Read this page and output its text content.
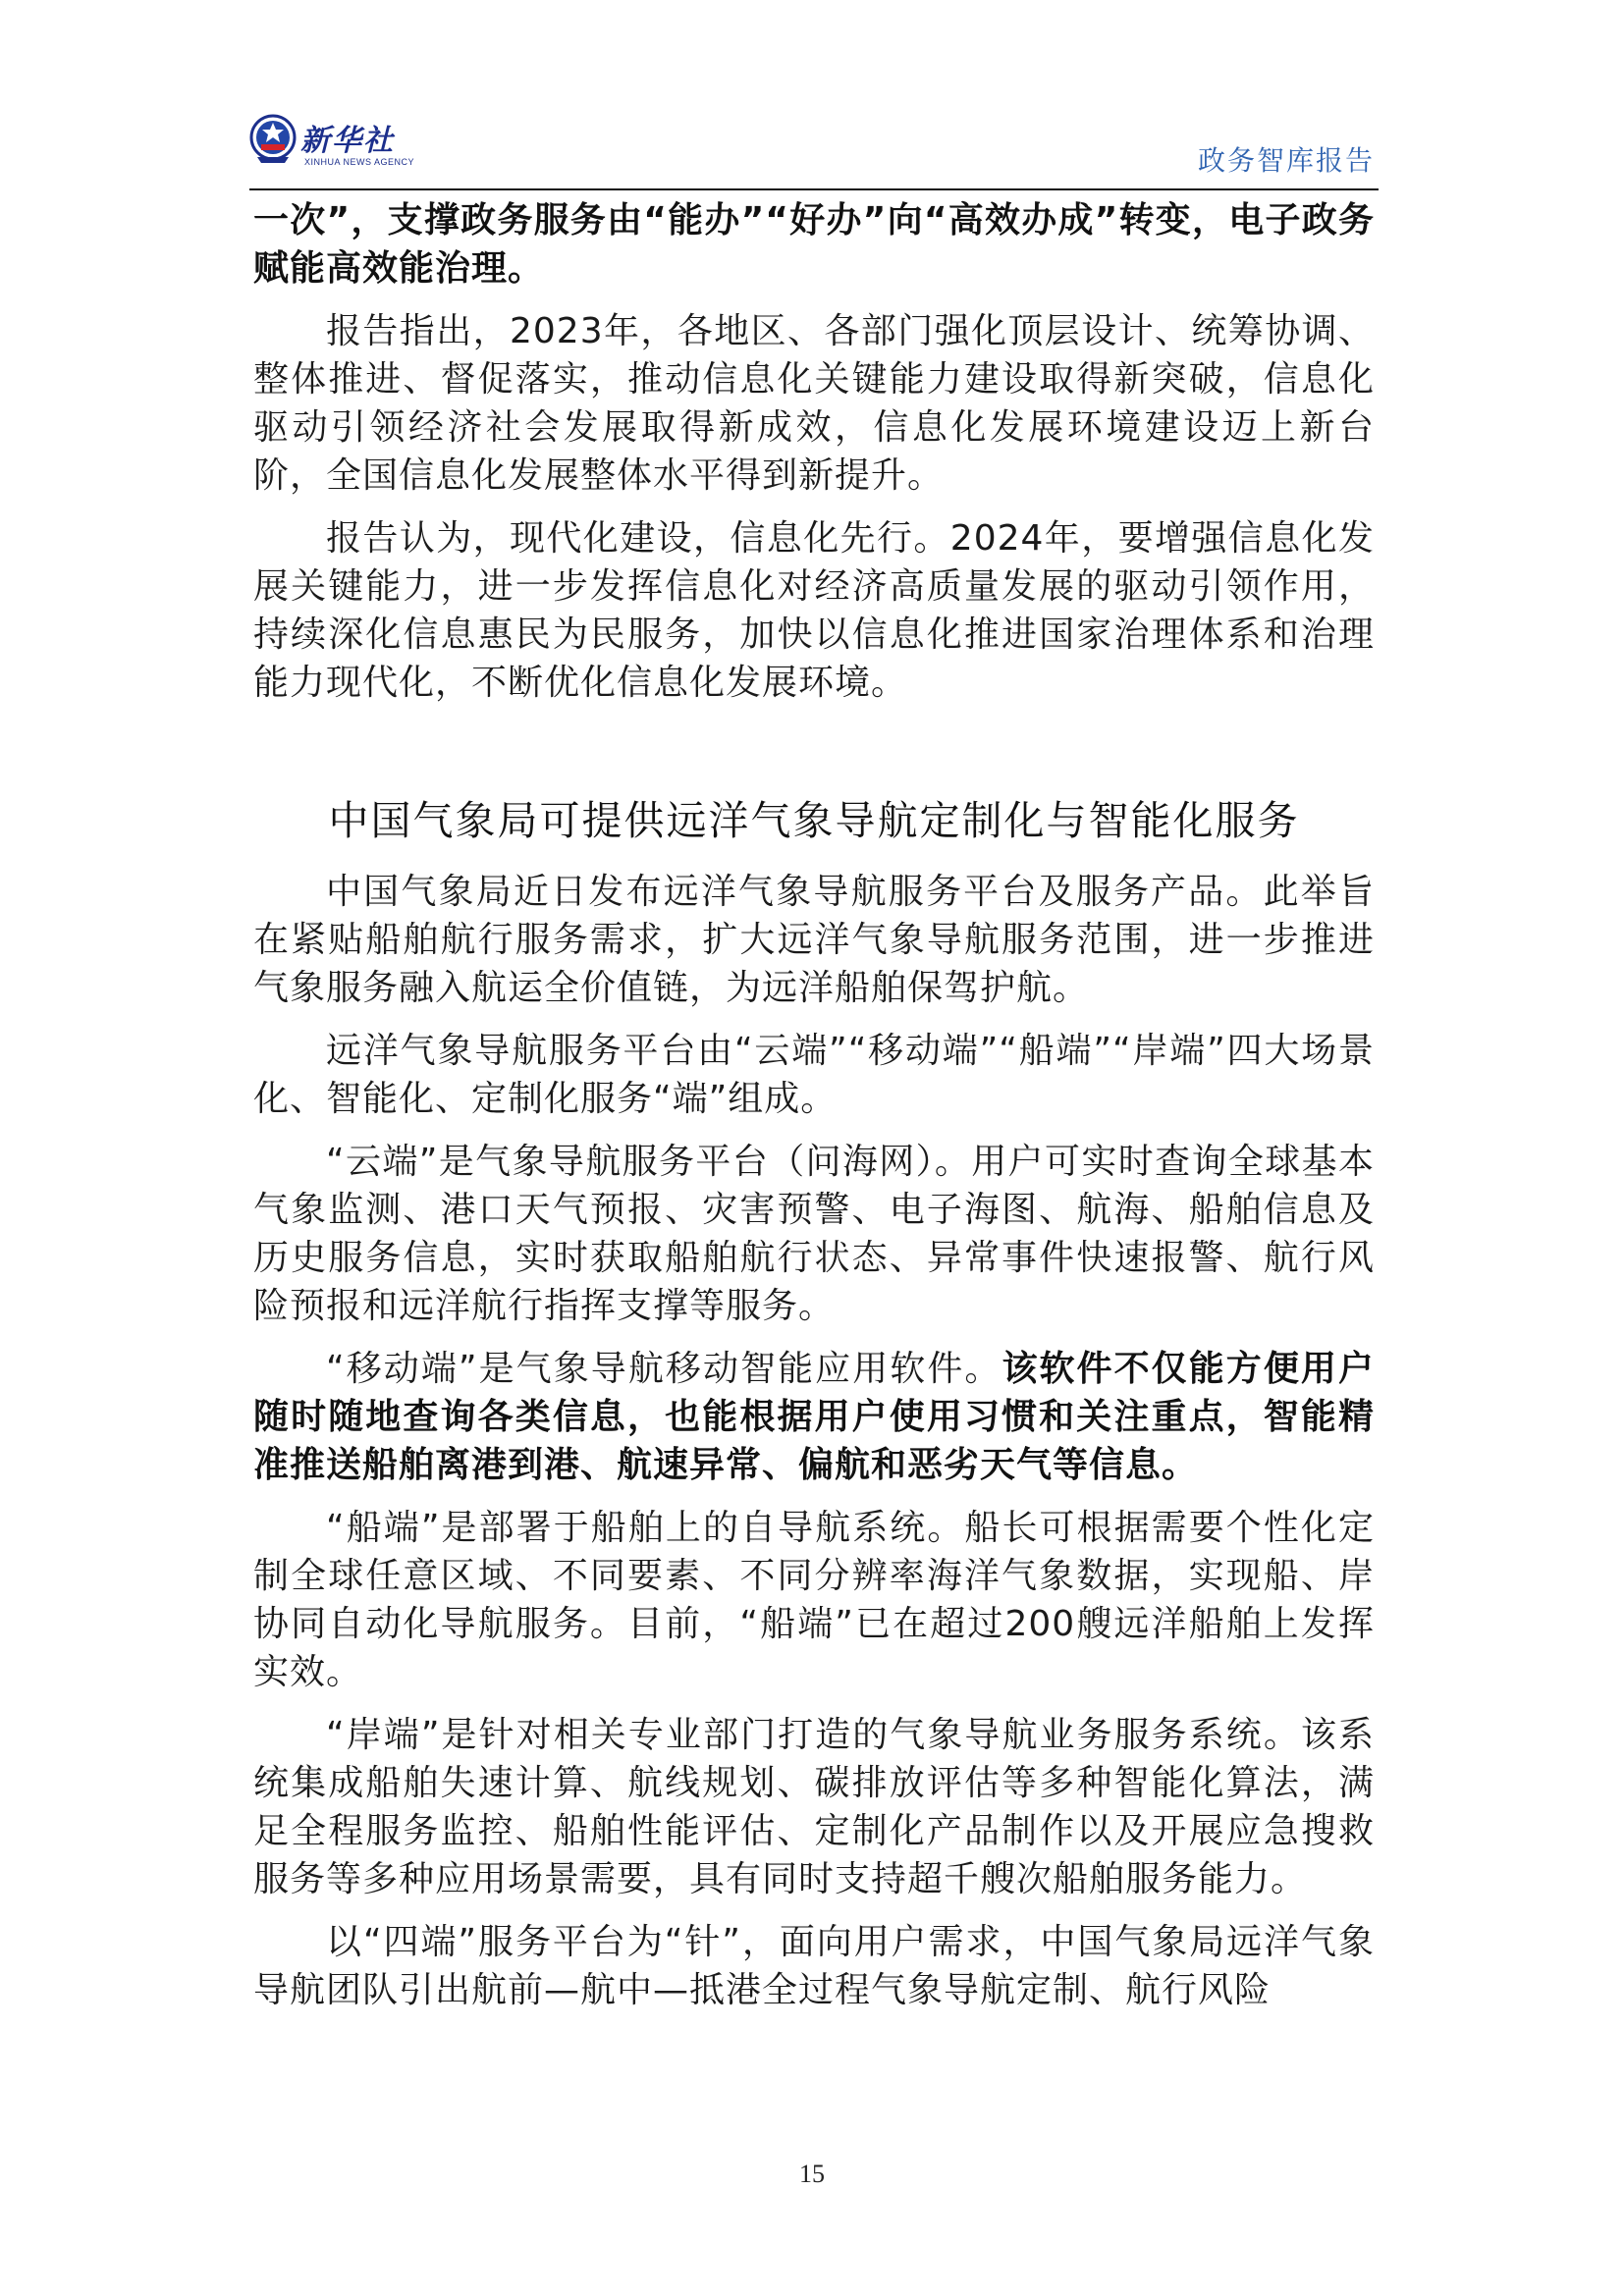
新华社
XINHUA NEWS AGENCY	政务智库报告

一次”，支撑政务服务由“能办”“好办”向“高效办成”转变，电子政务赋能高效能治理。

报告指出，2023年，各地区、各部门强化顶层设计、统筹协调、整体推进、督促落实，推动信息化关键能力建设取得新突破，信息化驱动引领经济社会发展取得新成效，信息化发展环境建设迈上新台阶，全国信息化发展整体水平得到新提升。

报告认为，现代化建设，信息化先行。2024年，要增强信息化发展关键能力，进一步发挥信息化对经济高质量发展的驱动引领作用，持续深化信息惠民为民服务，加快以信息化推进国家治理体系和治理能力现代化，不断优化信息化发展环境。

中国气象局可提供远洋气象导航定制化与智能化服务

中国气象局近日发布远洋气象导航服务平台及服务产品。此举旨在紧贴船舶航行服务需求，扩大远洋气象导航服务范围，进一步推进气象服务融入航运全价值链，为远洋船舶保驾护航。

远洋气象导航服务平台由“云端”“移动端”“船端”“岸端”四大场景化、智能化、定制化服务“端”组成。

“云端”是气象导航服务平台（问海网）。用户可实时查询全球基本气象监测、港口天气预报、灾害预警、电子海图、航海、船舶信息及历史服务信息，实时获取船舶航行状态、异常事件快速报警、航行风险预报和远洋航行指挥支撑等服务。

“移动端”是气象导航移动智能应用软件。该软件不仅能方便用户随时随地查询各类信息，也能根据用户使用习惯和关注重点，智能精准推送船舶离港到港、航速异常、偏航和恶劣天气等信息。

“船端”是部署于船舶上的自导航系统。船长可根据需要个性化定制全球任意区域、不同要素、不同分辨率海洋气象数据，实现船、岸协同自动化导航服务。目前，“船端”已在超过200艘远洋船舶上发挥实效。

“岸端”是针对相关专业部门打造的气象导航业务服务系统。该系统集成船舶失速计算、航线规划、碳排放评估等多种智能化算法，满足全程服务监控、船舶性能评估、定制化产品制作以及开展应急搜救服务等多种应用场景需要，具有同时支持超千艘次船舶服务能力。

以“四端”服务平台为“针”，面向用户需求，中国气象局远洋气象导航团队引出航前—航中—抵港全过程气象导航定制、航行风险

15
